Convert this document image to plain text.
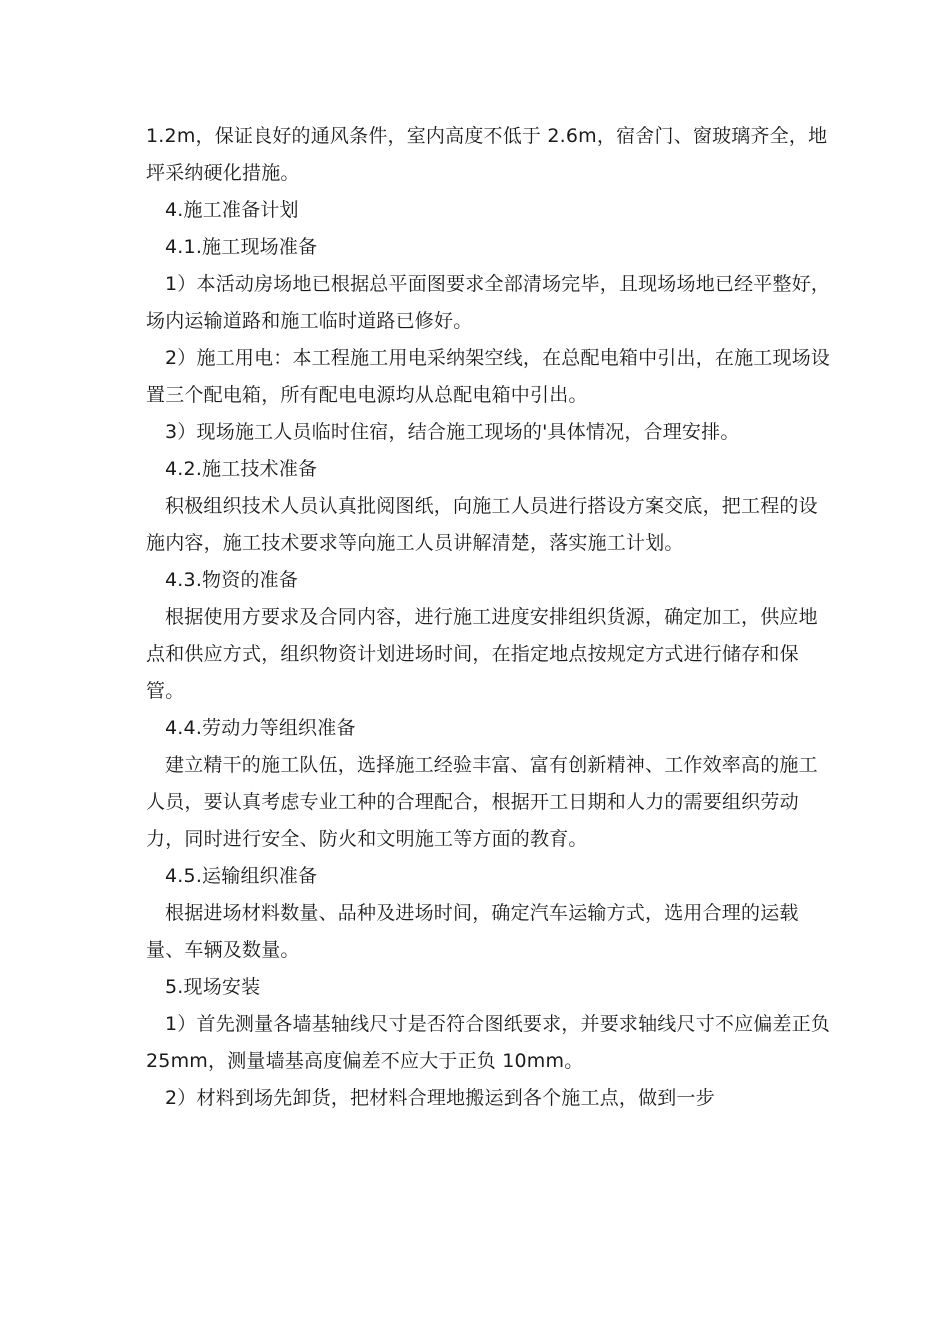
1.2m，保证良好的通风条件，室内高度不低于 2.6m，宿舍门、窗玻璃齐全，地坪采纳硬化措施。

4.施工准备计划

4.1.施工现场准备

1）本活动房场地已根据总平面图要求全部清场完毕，且现场场地已经平整好，场内运输道路和施工临时道路已修好。

2）施工用电：本工程施工用电采纳架空线，在总配电箱中引出，在施工现场设置三个配电箱，所有配电电源均从总配电箱中引出。

3）现场施工人员临时住宿，结合施工现场的'具体情况，合理安排。

4.2.施工技术准备

积极组织技术人员认真批阅图纸，向施工人员进行搭设方案交底，把工程的设施内容，施工技术要求等向施工人员讲解清楚，落实施工计划。

4.3.物资的准备

根据使用方要求及合同内容，进行施工进度安排组织货源，确定加工，供应地点和供应方式，组织物资计划进场时间，在指定地点按规定方式进行储存和保管。

4.4.劳动力等组织准备

建立精干的施工队伍，选择施工经验丰富、富有创新精神、工作效率高的施工人员，要认真考虑专业工种的合理配合，根据开工日期和人力的需要组织劳动力，同时进行安全、防火和文明施工等方面的教育。

4.5.运输组织准备

根据进场材料数量、品种及进场时间，确定汽车运输方式，选用合理的运载量、车辆及数量。

5.现场安装

1）首先测量各墙基轴线尺寸是否符合图纸要求，并要求轴线尺寸不应偏差正负 25mm，测量墙基高度偏差不应大于正负 10mm。

2）材料到场先卸货，把材料合理地搬运到各个施工点，做到一步
